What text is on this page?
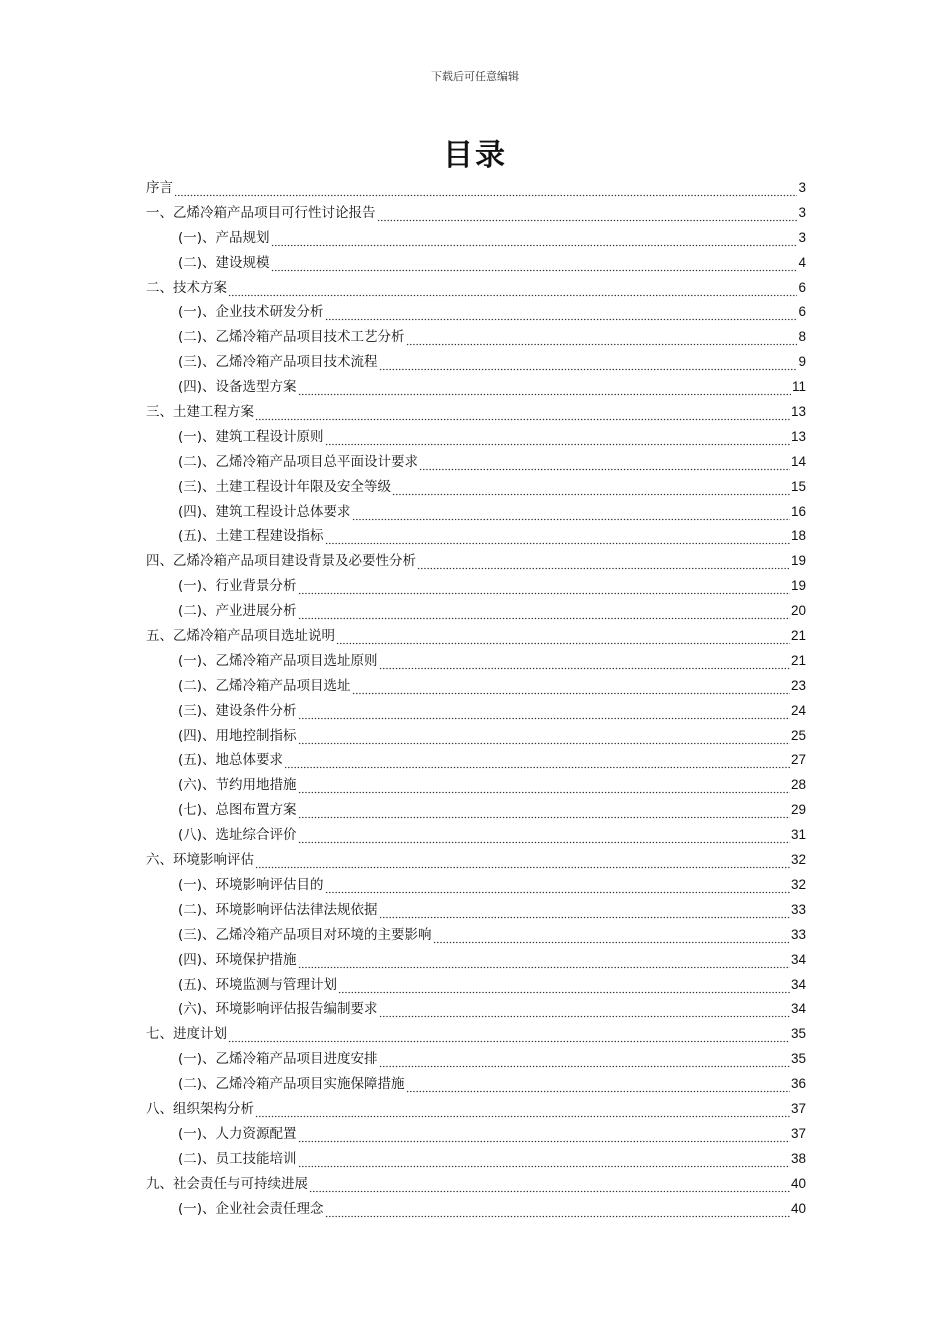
下载后可任意编辑
目录
序言	3
一、乙烯冷箱产品项目可行性讨论报告	3
(一)、产品规划	3
(二)、建设规模	4
二、技术方案	6
(一)、企业技术研发分析	6
(二)、乙烯冷箱产品项目技术工艺分析	8
(三)、乙烯冷箱产品项目技术流程	9
(四)、设备选型方案	11
三、土建工程方案	13
(一)、建筑工程设计原则	13
(二)、乙烯冷箱产品项目总平面设计要求	14
(三)、土建工程设计年限及安全等级	15
(四)、建筑工程设计总体要求	16
(五)、土建工程建设指标	18
四、乙烯冷箱产品项目建设背景及必要性分析	19
(一)、行业背景分析	19
(二)、产业进展分析	20
五、乙烯冷箱产品项目选址说明	21
(一)、乙烯冷箱产品项目选址原则	21
(二)、乙烯冷箱产品项目选址	23
(三)、建设条件分析	24
(四)、用地控制指标	25
(五)、地总体要求	27
(六)、节约用地措施	28
(七)、总图布置方案	29
(八)、选址综合评价	31
六、环境影响评估	32
(一)、环境影响评估目的	32
(二)、环境影响评估法律法规依据	33
(三)、乙烯冷箱产品项目对环境的主要影响	33
(四)、环境保护措施	34
(五)、环境监测与管理计划	34
(六)、环境影响评估报告编制要求	34
七、进度计划	35
(一)、乙烯冷箱产品项目进度安排	35
(二)、乙烯冷箱产品项目实施保障措施	36
八、组织架构分析	37
(一)、人力资源配置	37
(二)、员工技能培训	38
九、社会责任与可持续进展	40
(一)、企业社会责任理念	40
